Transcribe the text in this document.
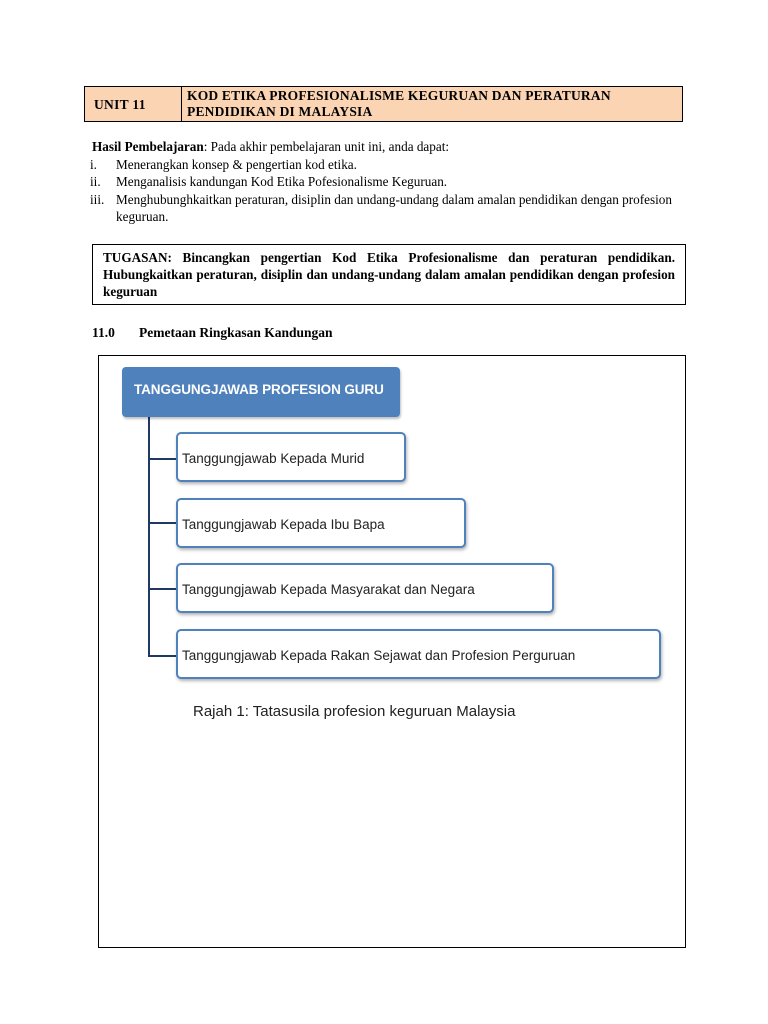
UNIT 11
KOD ETIKA PROFESIONALISME KEGURUAN DAN PERATURAN PENDIDIKAN DI MALAYSIA
Hasil Pembelajaran: Pada akhir pembelajaran unit ini, anda dapat:
i. Menerangkan konsep & pengertian kod etika.
ii. Menganalisis kandungan Kod Etika Pofesionalisme Keguruan.
iii. Menghubunghkaitkan peraturan, disiplin dan undang-undang dalam amalan pendidikan dengan profesion keguruan.
TUGASAN: Bincangkan pengertian Kod Etika Profesionalisme dan peraturan pendidikan. Hubungkaitkan peraturan, disiplin dan undang-undang dalam amalan pendidikan dengan profesion keguruan
11.0	Pemetaan Ringkasan Kandungan
TANGGUNGJAWAB PROFESION GURU
Tanggungjawab Kepada Murid
Tanggungjawab Kepada Ibu Bapa
Tanggungjawab Kepada Masyarakat dan Negara
Tanggungjawab Kepada Rakan Sejawat dan Profesion Perguruan
Rajah 1: Tatasusila profesion keguruan Malaysia
